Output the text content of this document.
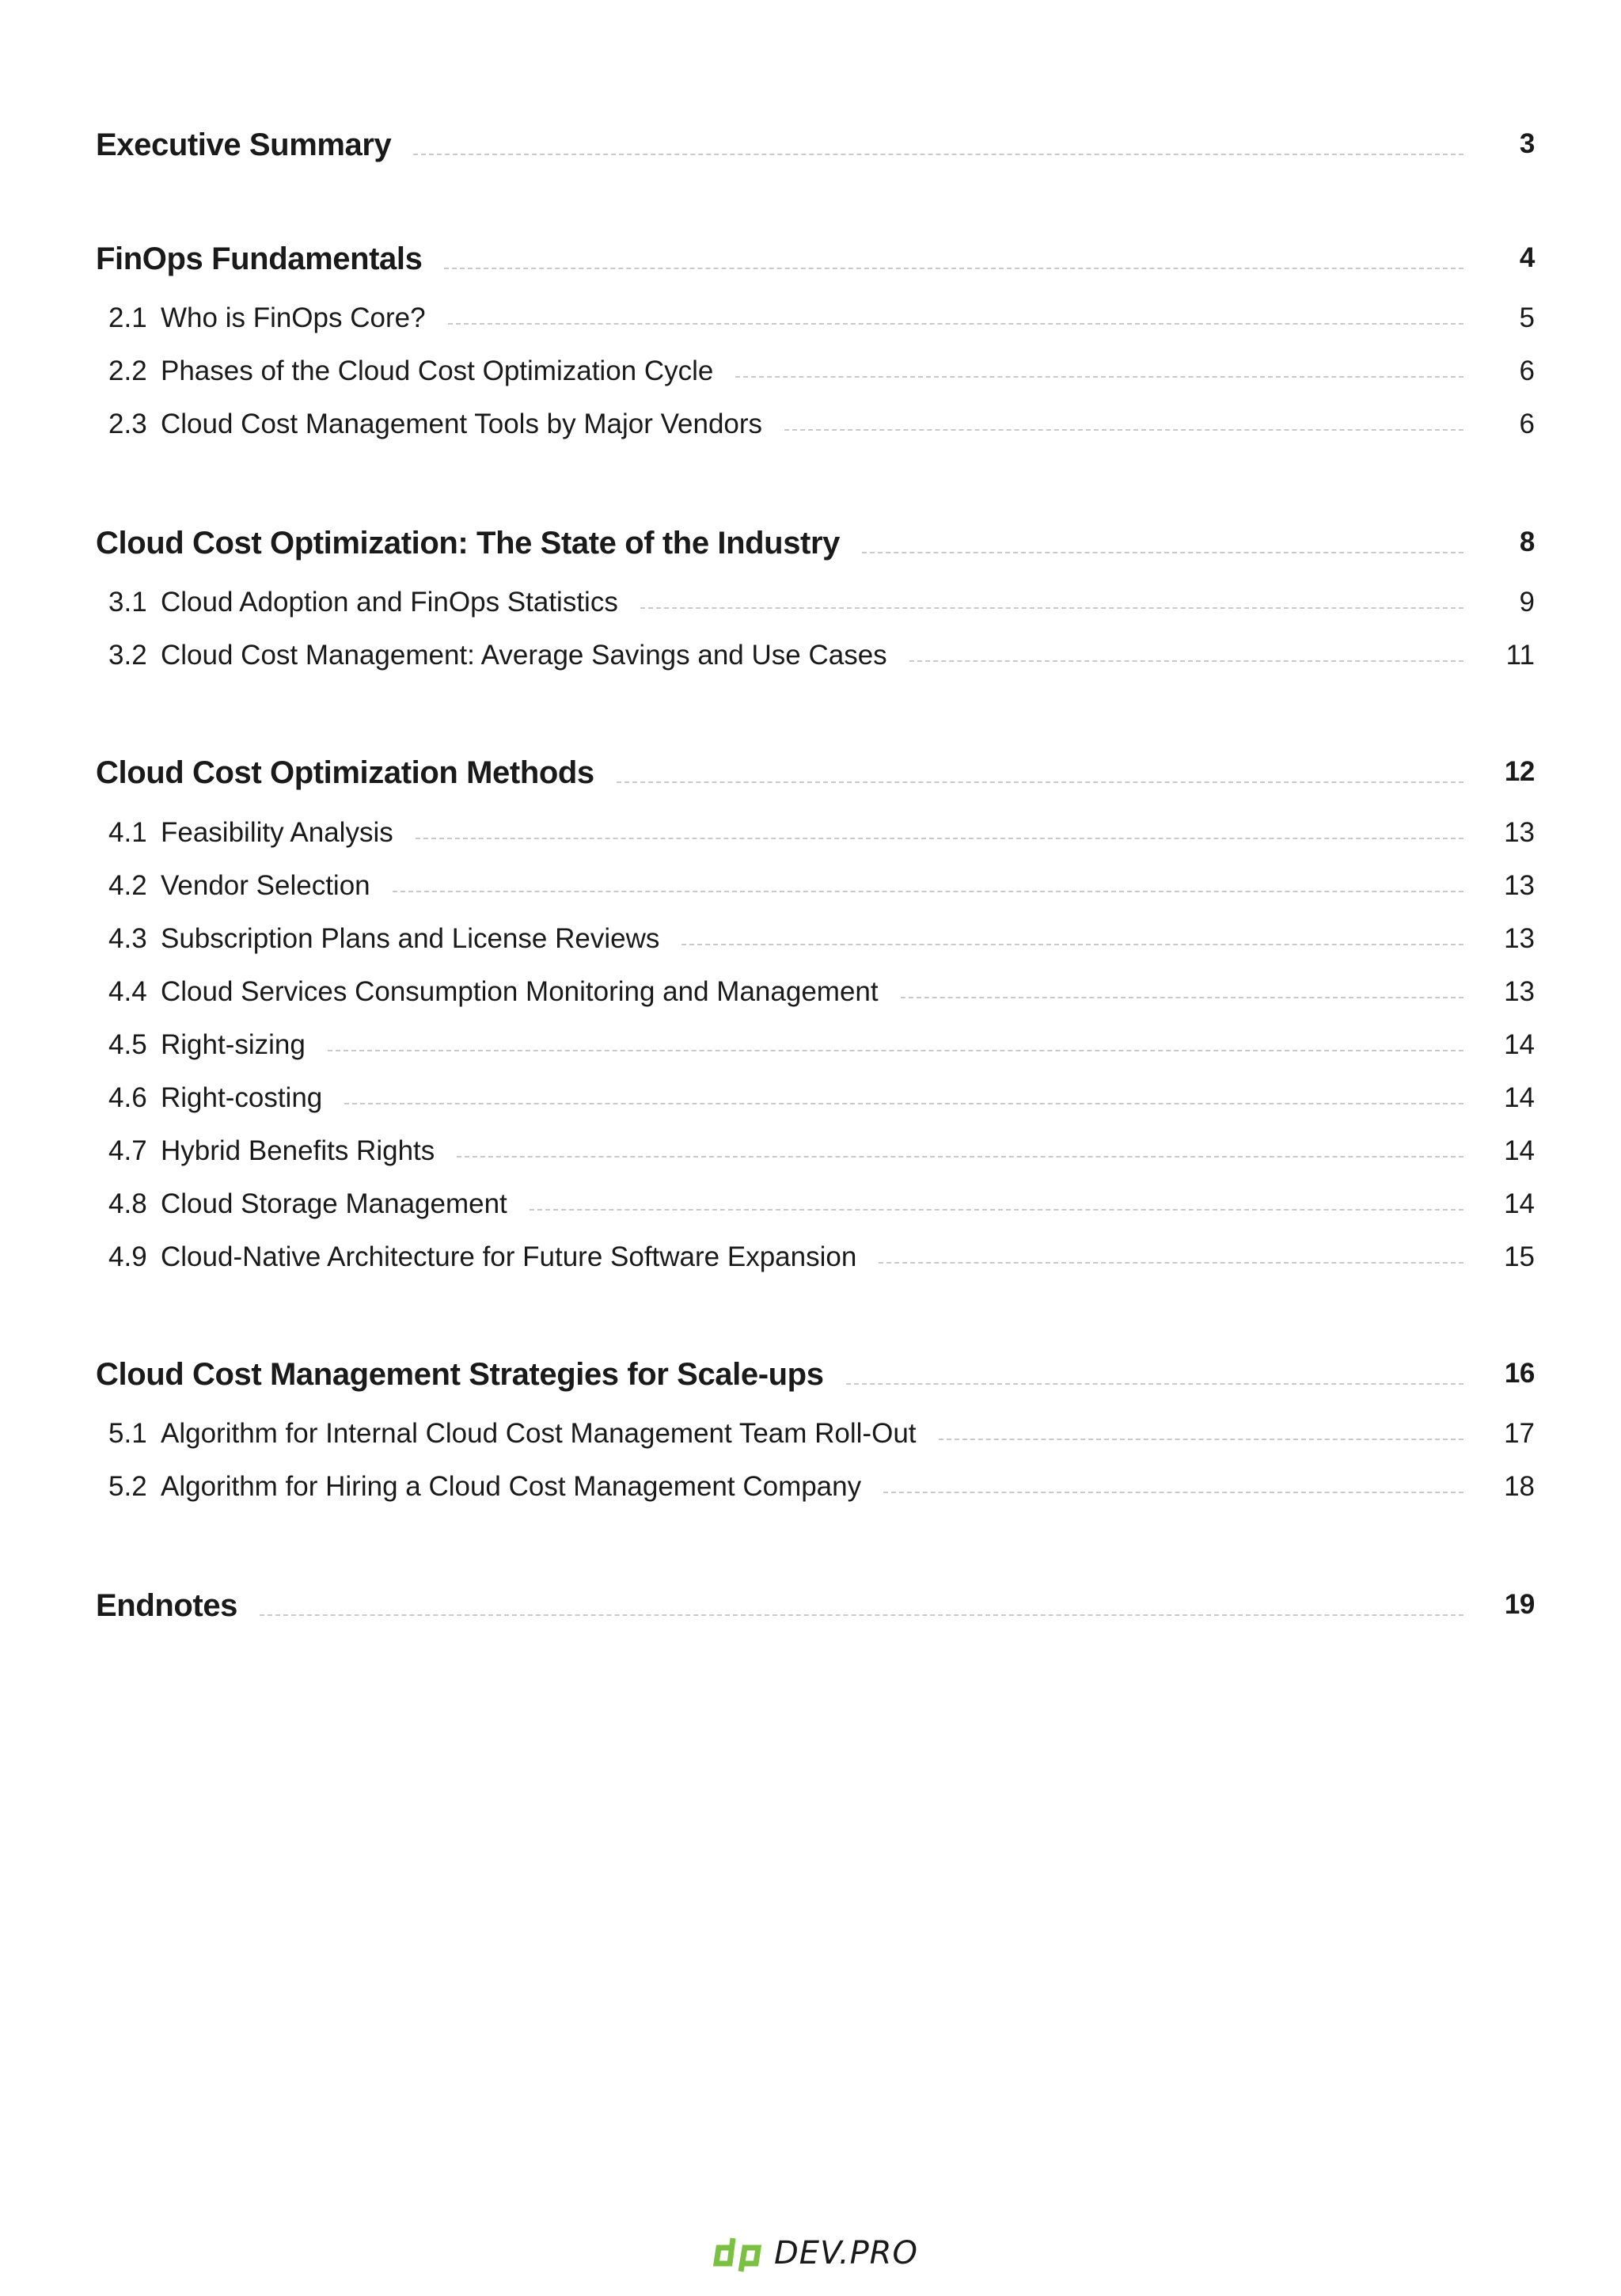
Executive Summary	3
FinOps Fundamentals	4
2.1 Who is FinOps Core?	5
2.2 Phases of the Cloud Cost Optimization Cycle	6
2.3 Cloud Cost Management Tools by Major Vendors	6
Cloud Cost Optimization: The State of the Industry	8
3.1 Cloud Adoption and FinOps Statistics	9
3.2 Cloud Cost Management: Average Savings and Use Cases	11
Cloud Cost Optimization Methods	12
4.1 Feasibility Analysis	13
4.2 Vendor Selection	13
4.3 Subscription Plans and License Reviews	13
4.4 Cloud Services Consumption Monitoring and Management	13
4.5 Right-sizing	14
4.6 Right-costing	14
4.7 Hybrid Benefits Rights	14
4.8 Cloud Storage Management	14
4.9 Cloud-Native Architecture for Future Software Expansion	15
Cloud Cost Management Strategies for Scale-ups	16
5.1 Algorithm for Internal Cloud Cost Management Team Roll-Out	17
5.2 Algorithm for Hiring a Cloud Cost Management Company	18
Endnotes	19
DEV.PRO
